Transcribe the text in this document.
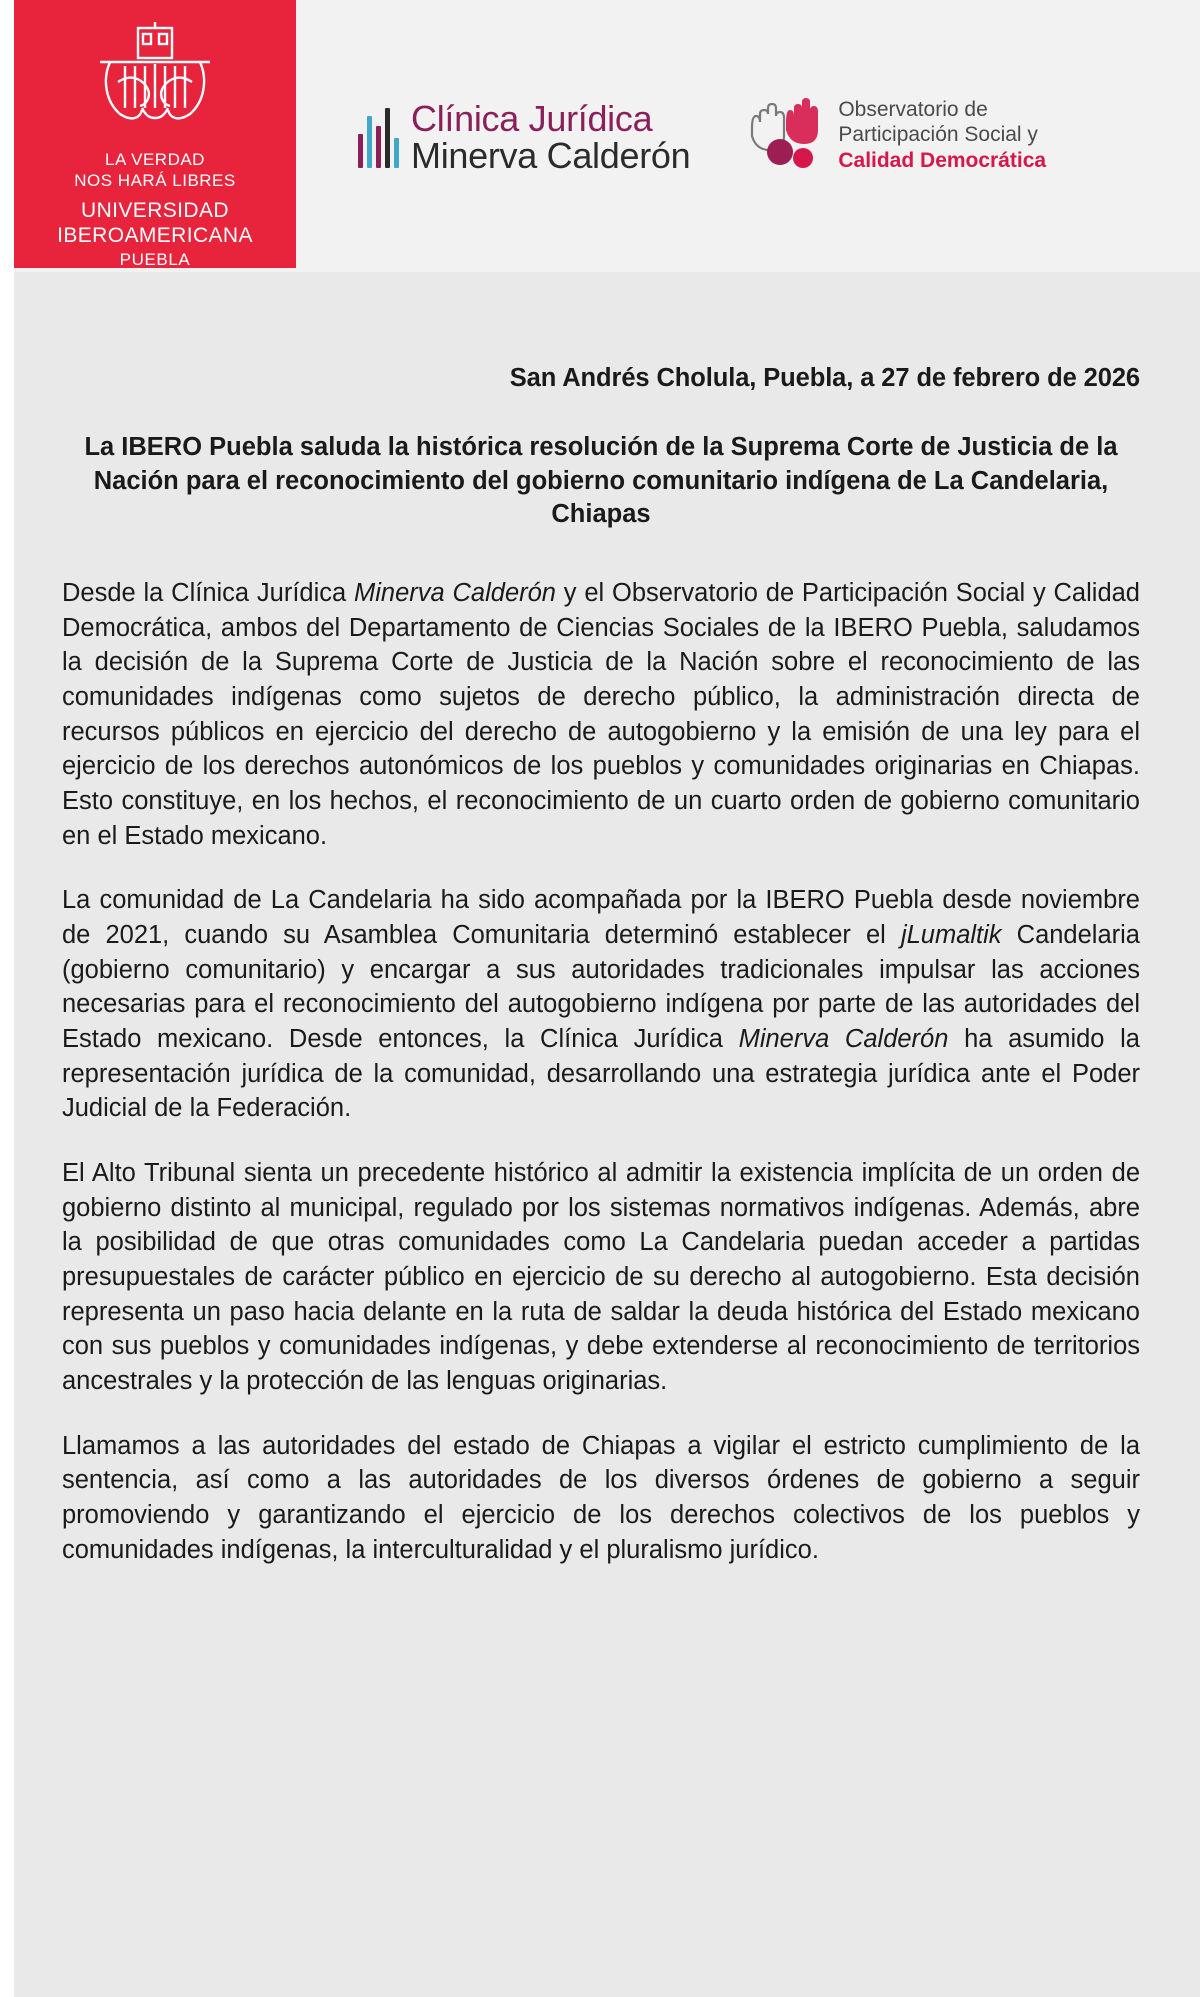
LA VERDAD
NOS HARÁ LIBRES
UNIVERSIDAD
IBEROAMERICANA
PUEBLA
Clínica Jurídica
Minerva Calderón
Observatorio de
Participación Social y
Calidad Democrática
San Andrés Cholula, Puebla, a 27 de febrero de 2026
La IBERO Puebla saluda la histórica resolución de la Suprema Corte de Justicia de la Nación para el reconocimiento del gobierno comunitario indígena de La Candelaria, Chiapas

Desde la Clínica Jurídica Minerva Calderón y el Observatorio de Participación Social y Calidad Democrática, ambos del Departamento de Ciencias Sociales de la IBERO Puebla, saludamos la decisión de la Suprema Corte de Justicia de la Nación sobre el reconocimiento de las comunidades indígenas como sujetos de derecho público, la administración directa de recursos públicos en ejercicio del derecho de autogobierno y la emisión de una ley para el ejercicio de los derechos autonómicos de los pueblos y comunidades originarias en Chiapas. Esto constituye, en los hechos, el reconocimiento de un cuarto orden de gobierno comunitario en el Estado mexicano.

La comunidad de La Candelaria ha sido acompañada por la IBERO Puebla desde noviembre de 2021, cuando su Asamblea Comunitaria determinó establecer el jLumaltik Candelaria (gobierno comunitario) y encargar a sus autoridades tradicionales impulsar las acciones necesarias para el reconocimiento del autogobierno indígena por parte de las autoridades del Estado mexicano. Desde entonces, la Clínica Jurídica Minerva Calderón ha asumido la representación jurídica de la comunidad, desarrollando una estrategia jurídica ante el Poder Judicial de la Federación.

El Alto Tribunal sienta un precedente histórico al admitir la existencia implícita de un orden de gobierno distinto al municipal, regulado por los sistemas normativos indígenas. Además, abre la posibilidad de que otras comunidades como La Candelaria puedan acceder a partidas presupuestales de carácter público en ejercicio de su derecho al autogobierno. Esta decisión representa un paso hacia delante en la ruta de saldar la deuda histórica del Estado mexicano con sus pueblos y comunidades indígenas, y debe extenderse al reconocimiento de territorios ancestrales y la protección de las lenguas originarias.

Llamamos a las autoridades del estado de Chiapas a vigilar el estricto cumplimiento de la sentencia, así como a las autoridades de los diversos órdenes de gobierno a seguir promoviendo y garantizando el ejercicio de los derechos colectivos de los pueblos y comunidades indígenas, la interculturalidad y el pluralismo jurídico.
